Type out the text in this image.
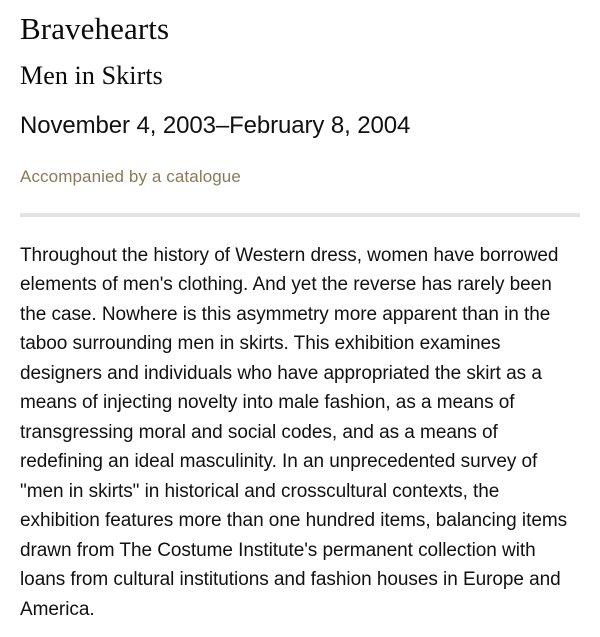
Bravehearts
Men in Skirts

November 4, 2003–February 8, 2004

Accompanied by a catalogue

Throughout the history of Western dress, women have borrowed elements of men's clothing. And yet the reverse has rarely been the case. Nowhere is this asymmetry more apparent than in the taboo surrounding men in skirts. This exhibition examines designers and individuals who have appropriated the skirt as a means of injecting novelty into male fashion, as a means of transgressing moral and social codes, and as a means of redefining an ideal masculinity. In an unprecedented survey of "men in skirts" in historical and crosscultural contexts, the exhibition features more than one hundred items, balancing items drawn from The Costume Institute's permanent collection with loans from cultural institutions and fashion houses in Europe and America.
